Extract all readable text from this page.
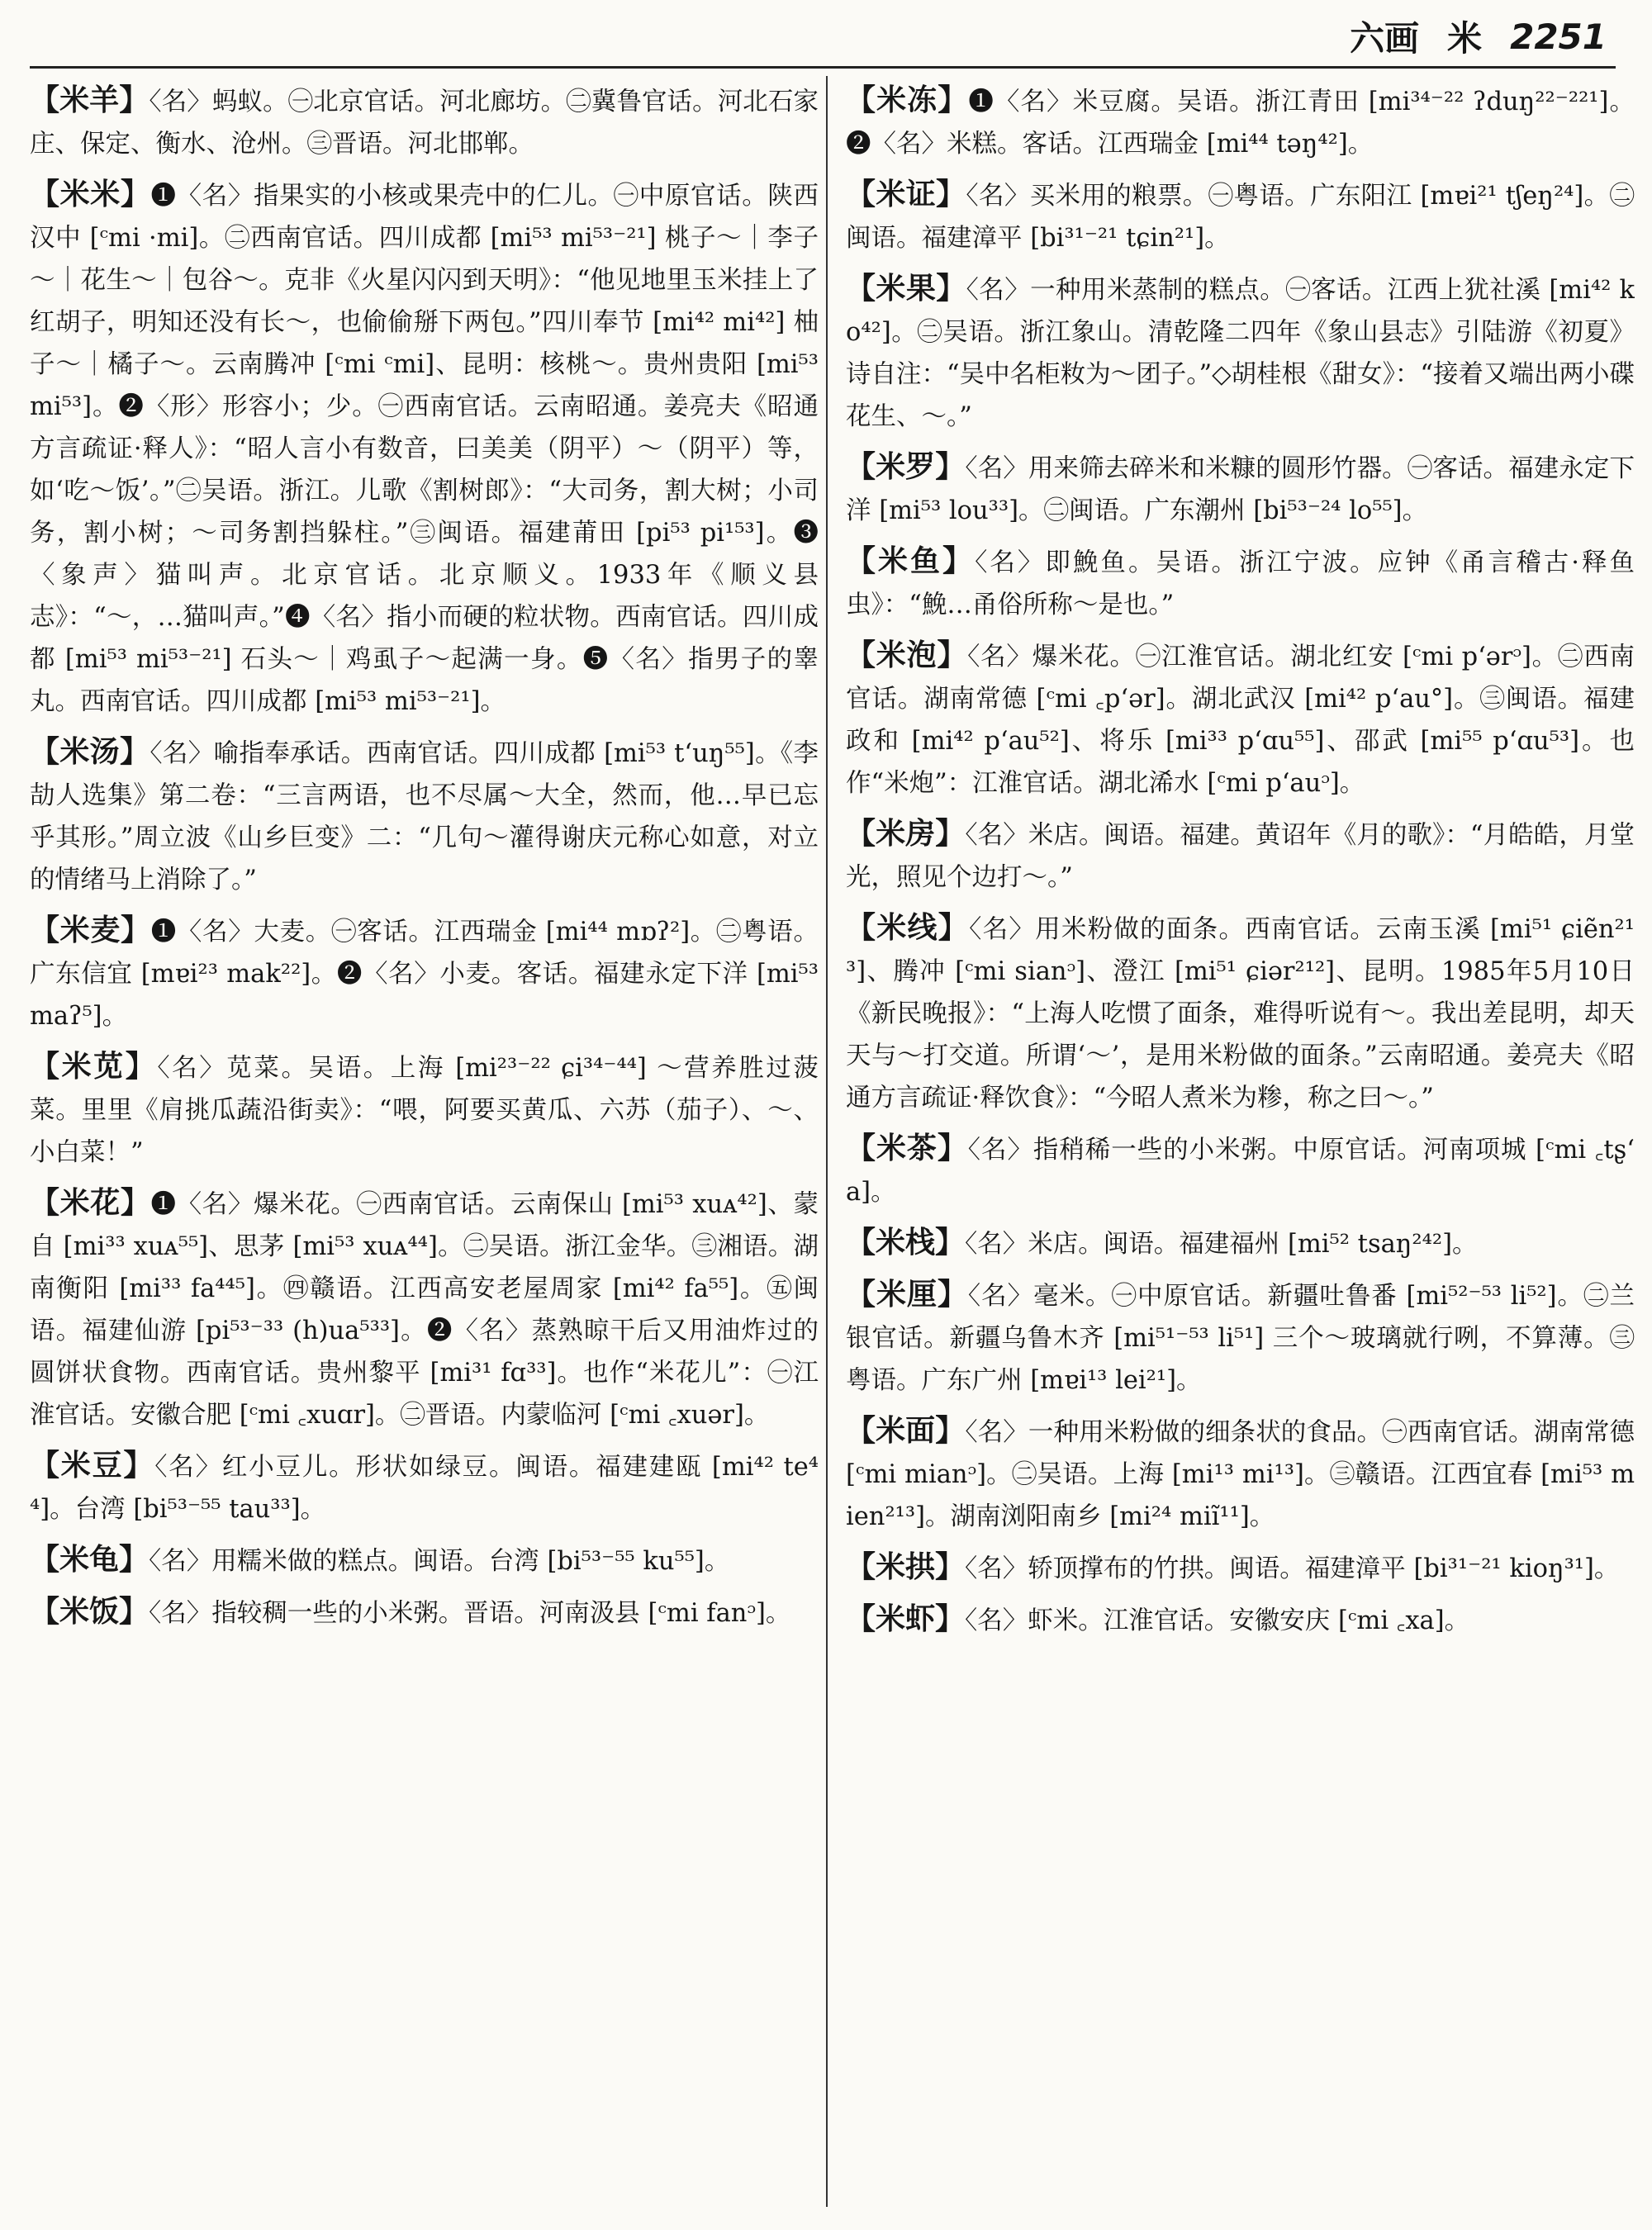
六画 米 2251

【米羊】〈名〉蚂蚁。㊀北京官话。河北廊坊。㊁冀鲁官话。河北石家庄、保定、衡水、沧州。㊂晋语。河北邯郸。

【米米】❶〈名〉指果实的小核或果壳中的仁儿。㊀中原官话。陕西汉中 [ᶜmi ·mi]。㊁西南官话。四川成都 [mi⁵³ mi⁵³⁻²¹] 桃子～｜李子～｜花生～｜包谷～。克非《火星闪闪到天明》：“他见地里玉米挂上了红胡子，明知还没有长～，也偷偷掰下两包。”四川奉节 [mi⁴² mi⁴²] 柚子～｜橘子～。云南腾冲 [ᶜmi ᶜmi]、昆明：核桃～。贵州贵阳 [mi⁵³ mi⁵³]。❷〈形〉形容小；少。㊀西南官话。云南昭通。姜亮夫《昭通方言疏证·释人》：“昭人言小有数音，曰美美（阴平）～（阴平）等，如‘吃～饭’。”㊁吴语。浙江。儿歌《割树郎》：“大司务，割大树；小司务，割小树；～司务割挡躲柱。”㊂闽语。福建莆田 [pi⁵³ pi¹⁵³]。❸〈象声〉猫叫声。北京官话。北京顺义。1933年《顺义县志》：“～，…猫叫声。”❹〈名〉指小而硬的粒状物。西南官话。四川成都 [mi⁵³ mi⁵³⁻²¹] 石头～｜鸡虱子～起满一身。❺〈名〉指男子的睾丸。西南官话。四川成都 [mi⁵³ mi⁵³⁻²¹]。

【米汤】〈名〉喻指奉承话。西南官话。四川成都 [mi⁵³ tʻuŋ⁵⁵]。《李劼人选集》第二卷：“三言两语，也不尽属～大全，然而，他…早已忘乎其形。”周立波《山乡巨变》二：“几句～灌得谢庆元称心如意，对立的情绪马上消除了。”

【米麦】❶〈名〉大麦。㊀客话。江西瑞金 [mi⁴⁴ mɒʔ²]。㊁粤语。广东信宜 [mɐi²³ mak²²]。❷〈名〉小麦。客话。福建永定下洋 [mi⁵³ maʔ⁵]。

【米苋】〈名〉苋菜。吴语。上海 [mi²³⁻²² ɕi³⁴⁻⁴⁴] ～营养胜过菠菜。里里《肩挑瓜蔬沿街卖》：“喂，阿要买黄瓜、六苏（茄子）、～、小白菜！”

【米花】❶〈名〉爆米花。㊀西南官话。云南保山 [mi⁵³ xuᴀ⁴²]、蒙自 [mi³³ xuᴀ⁵⁵]、思茅 [mi⁵³ xuᴀ⁴⁴]。㊁吴语。浙江金华。㊂湘语。湖南衡阳 [mi³³ fa⁴⁴⁵]。㊃赣语。江西高安老屋周家 [mi⁴² fa⁵⁵]。㊄闽语。福建仙游 [pi⁵³⁻³³ (h)ua⁵³³]。❷〈名〉蒸熟晾干后又用油炸过的圆饼状食物。西南官话。贵州黎平 [mi³¹ fɑ³³]。也作“米花儿”：㊀江淮官话。安徽合肥 [ᶜmi ꜀xuɑr]。㊁晋语。内蒙临河 [ᶜmi ꜀xuər]。

【米豆】〈名〉红小豆儿。形状如绿豆。闽语。福建建瓯 [mi⁴² te⁴⁴]。台湾 [bi⁵³⁻⁵⁵ tau³³]。

【米龟】〈名〉用糯米做的糕点。闽语。台湾 [bi⁵³⁻⁵⁵ ku⁵⁵]。

【米饭】〈名〉指较稠一些的小米粥。晋语。河南汲县 [ᶜmi fanᵓ]。

【米冻】❶〈名〉米豆腐。吴语。浙江青田 [mi³⁴⁻²² ʔduŋ²²⁻²²¹]。❷〈名〉米糕。客话。江西瑞金 [mi⁴⁴ təŋ⁴²]。

【米证】〈名〉买米用的粮票。㊀粤语。广东阳江 [mɐi²¹ tʃeŋ²⁴]。㊁闽语。福建漳平 [bi³¹⁻²¹ tɕin²¹]。

【米果】〈名〉一种用米蒸制的糕点。㊀客话。江西上犹社溪 [mi⁴² ko⁴²]。㊁吴语。浙江象山。清乾隆二四年《象山县志》引陆游《初夏》诗自注：“吴中名柜籹为～团子。”◇胡桂根《甜女》：“接着又端出两小碟花生、～。”

【米罗】〈名〉用来筛去碎米和米糠的圆形竹器。㊀客话。福建永定下洋 [mi⁵³ lou³³]。㊁闽语。广东潮州 [bi⁵³⁻²⁴ lo⁵⁵]。

【米鱼】〈名〉即鮸鱼。吴语。浙江宁波。应钟《甬言稽古·释鱼虫》：“鮸…甬俗所称～是也。”

【米泡】〈名〉爆米花。㊀江淮官话。湖北红安 [ᶜmi pʻərᵓ]。㊁西南官话。湖南常德 [ᶜmi ꜀pʻər]。湖北武汉 [mi⁴² pʻau°]。㊂闽语。福建政和 [mi⁴² pʻau⁵²]、将乐 [mi³³ pʻɑu⁵⁵]、邵武 [mi⁵⁵ pʻɑu⁵³]。也作“米炮”：江淮官话。湖北浠水 [ᶜmi pʻauᵓ]。

【米房】〈名〉米店。闽语。福建。黄诏年《月的歌》：“月皓皓，月堂光，照见个边打～。”

【米线】〈名〉用米粉做的面条。西南官话。云南玉溪 [mi⁵¹ ɕiẽn²¹³]、腾冲 [ᶜmi sianᵓ]、澄江 [mi⁵¹ ɕiər²¹²]、昆明。1985年5月10日《新民晚报》：“上海人吃惯了面条，难得听说有～。我出差昆明，却天天与～打交道。所谓‘～’，是用米粉做的面条。”云南昭通。姜亮夫《昭通方言疏证·释饮食》：“今昭人煮米为糁，称之曰～。”

【米茶】〈名〉指稍稀一些的小米粥。中原官话。河南项城 [ᶜmi ꜀tʂʻa]。

【米栈】〈名〉米店。闽语。福建福州 [mi⁵² tsaŋ²⁴²]。

【米厘】〈名〉毫米。㊀中原官话。新疆吐鲁番 [mi⁵²⁻⁵³ li⁵²]。㊁兰银官话。新疆乌鲁木齐 [mi⁵¹⁻⁵³ li⁵¹] 三个～玻璃就行咧，不算薄。㊂粤语。广东广州 [mɐi¹³ lei²¹]。

【米面】〈名〉一种用米粉做的细条状的食品。㊀西南官话。湖南常德 [ᶜmi mianᵓ]。㊁吴语。上海 [mi¹³ mi¹³]。㊂赣语。江西宜春 [mi⁵³ mien²¹³]。湖南浏阳南乡 [mi²⁴ miĩ¹¹]。

【米拱】〈名〉轿顶撑布的竹拱。闽语。福建漳平 [bi³¹⁻²¹ kioŋ³¹]。

【米虾】〈名〉虾米。江淮官话。安徽安庆 [ᶜmi ꜀xa]。
